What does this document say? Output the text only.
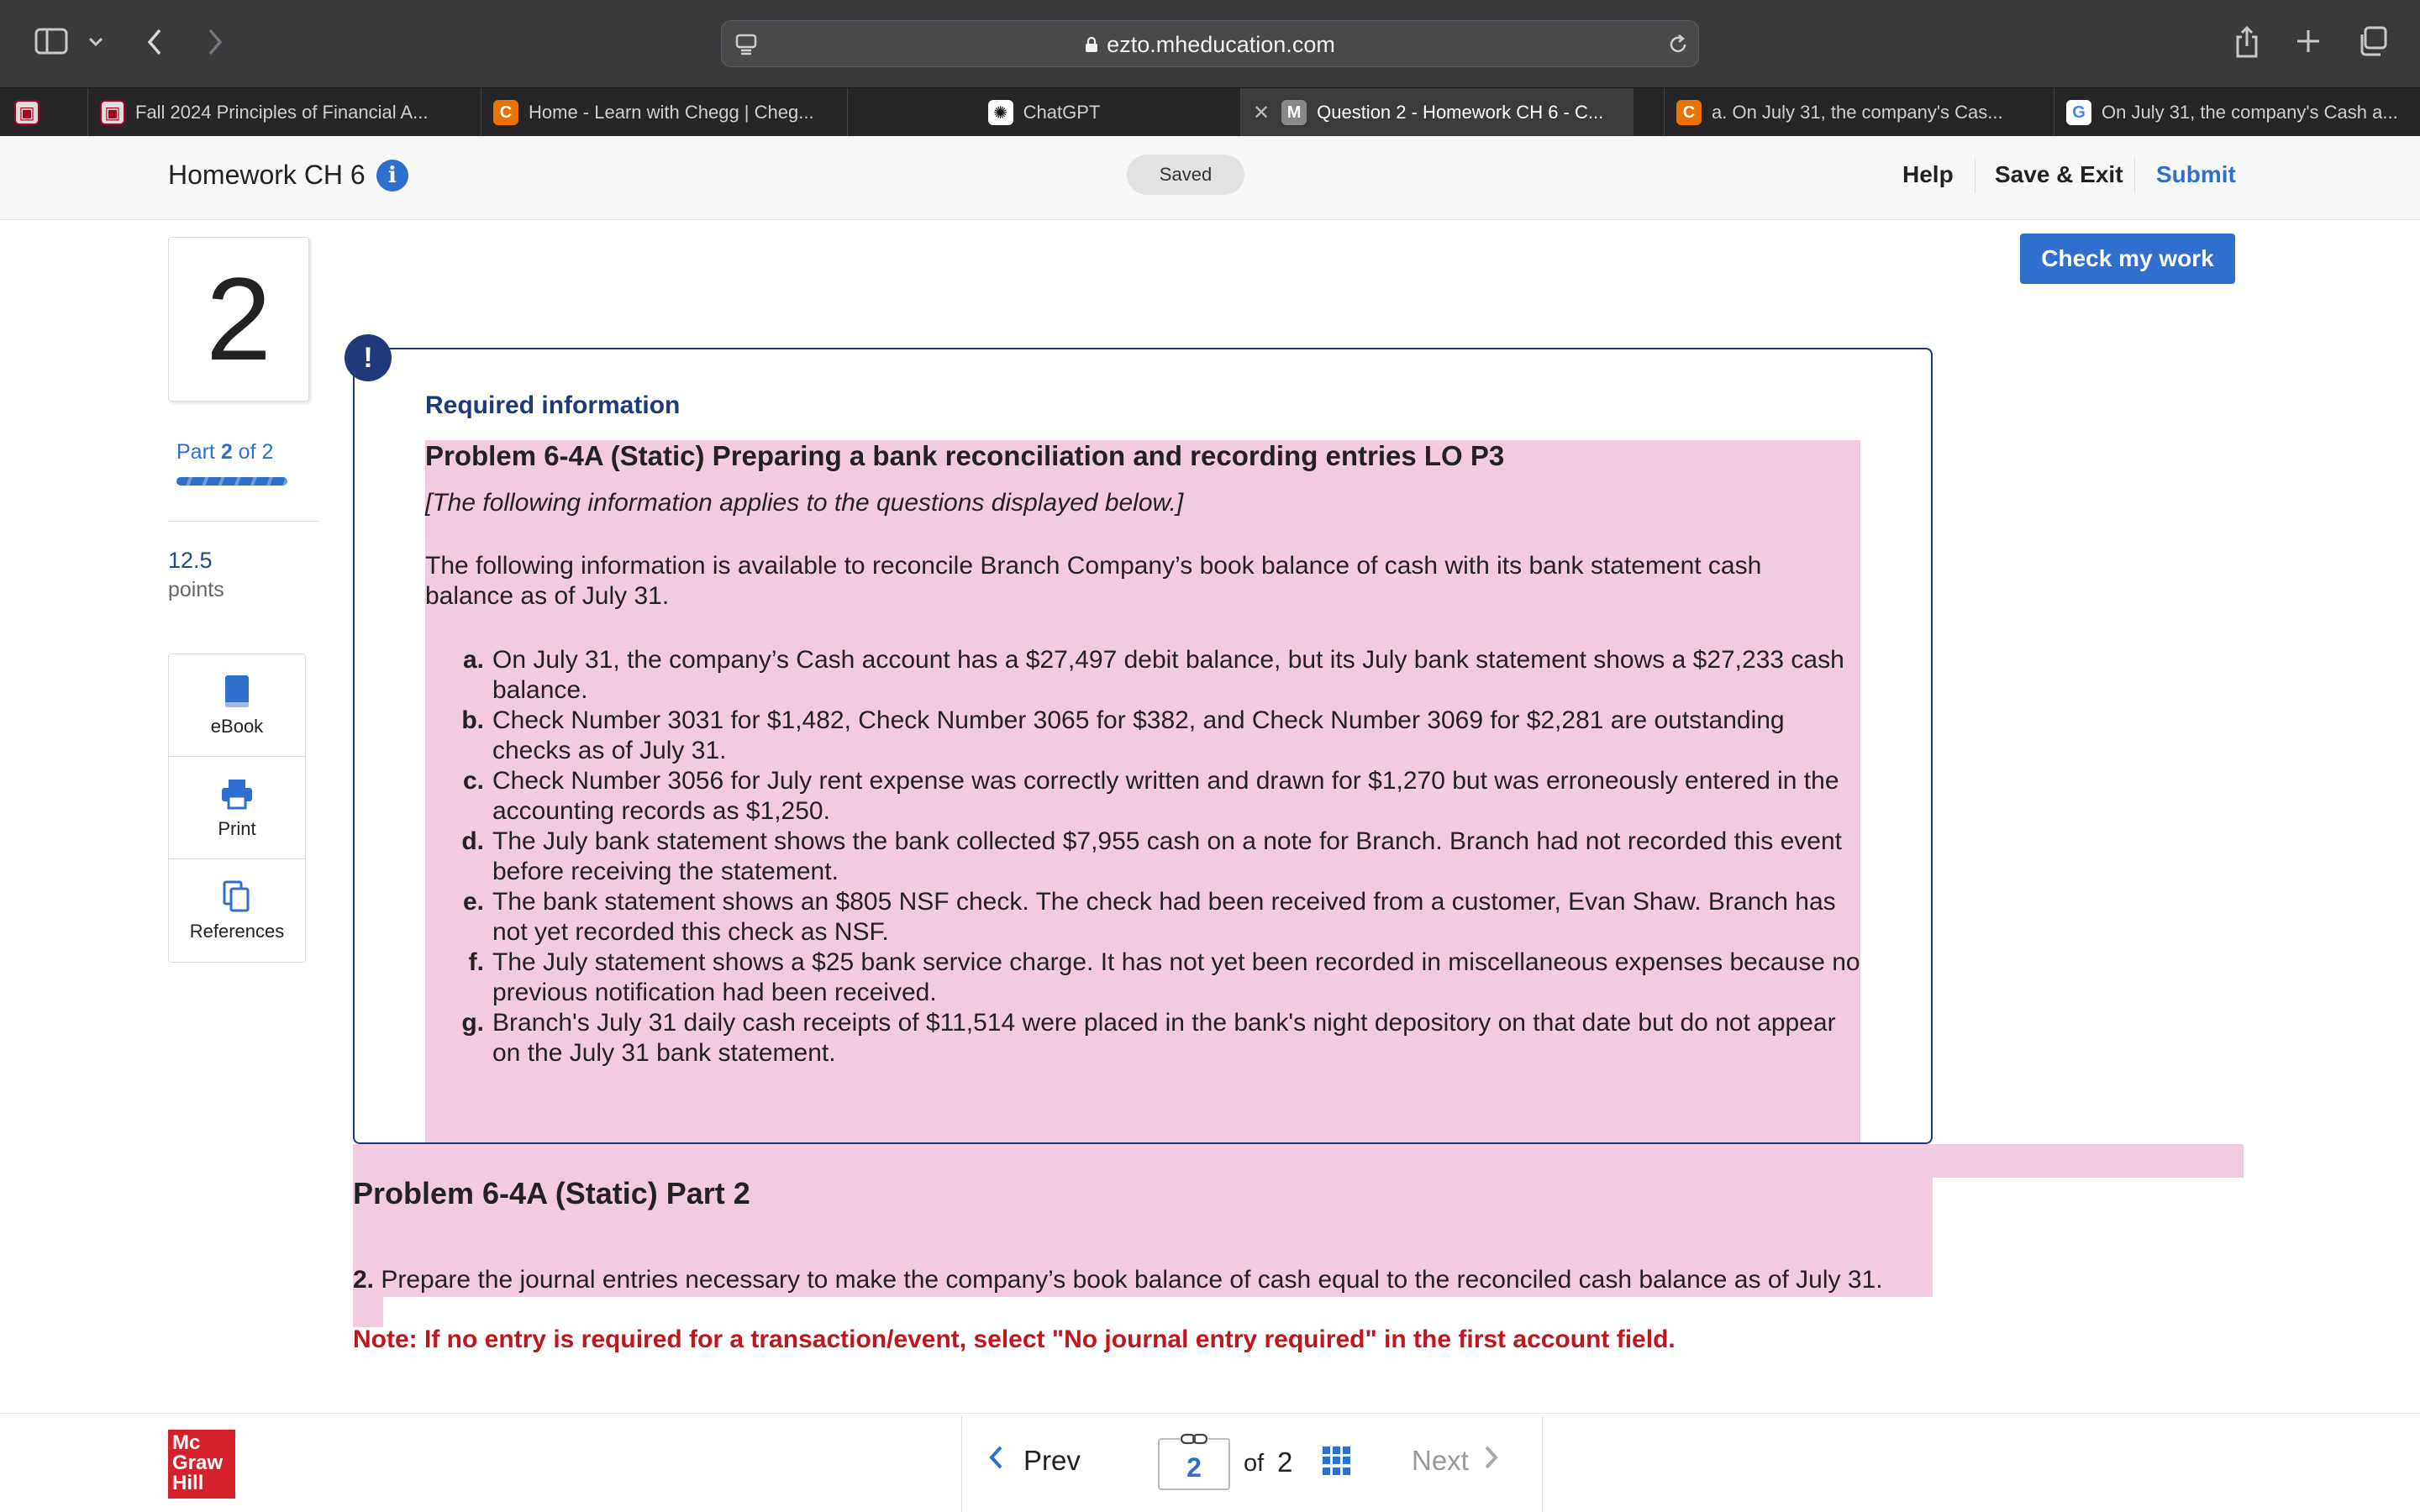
ezto.mheducation.com
▣	▣ Fall 2024 Principles of Financial A...	C Home - Learn with Chegg | Cheg...	✺ ChatGPT	✕	M Question 2 - Homework CH 6 - C...	C a. On July 31, the company's Cas...	G On July 31, the company's Cash a...
Homework CH 6	i	Saved	Help Save & Exit Submit
2
Part 2 of 2
12.5
points
eBook
Print
References
Check my work
!
Required information
Problem 6-4A (Static) Preparing a bank reconciliation and recording entries LO P3
[The following information applies to the questions displayed below.]
The following information is available to reconcile Branch Company’s book balance of cash with its bank statement cash balance as of July 31.
a. On July 31, the company’s Cash account has a $27,497 debit balance, but its July bank statement shows a $27,233 cash balance.
b. Check Number 3031 for $1,482, Check Number 3065 for $382, and Check Number 3069 for $2,281 are outstanding checks as of July 31.
c. Check Number 3056 for July rent expense was correctly written and drawn for $1,270 but was erroneously entered in the accounting records as $1,250.
d. The July bank statement shows the bank collected $7,955 cash on a note for Branch. Branch had not recorded this event before receiving the statement.
e. The bank statement shows an $805 NSF check. The check had been received from a customer, Evan Shaw. Branch has not yet recorded this check as NSF.
f. The July statement shows a $25 bank service charge. It has not yet been recorded in miscellaneous expenses because no previous notification had been received.
g. Branch's July 31 daily cash receipts of $11,514 were placed in the bank's night depository on that date but do not appear on the July 31 bank statement.
Problem 6-4A (Static) Part 2
2. Prepare the journal entries necessary to make the company’s book balance of cash equal to the reconciled cash balance as of July 31.
Note: If no entry is required for a transaction/event, select "No journal entry required" in the first account field.
Mc
Graw
Hill
Prev	2	of 2	Next
